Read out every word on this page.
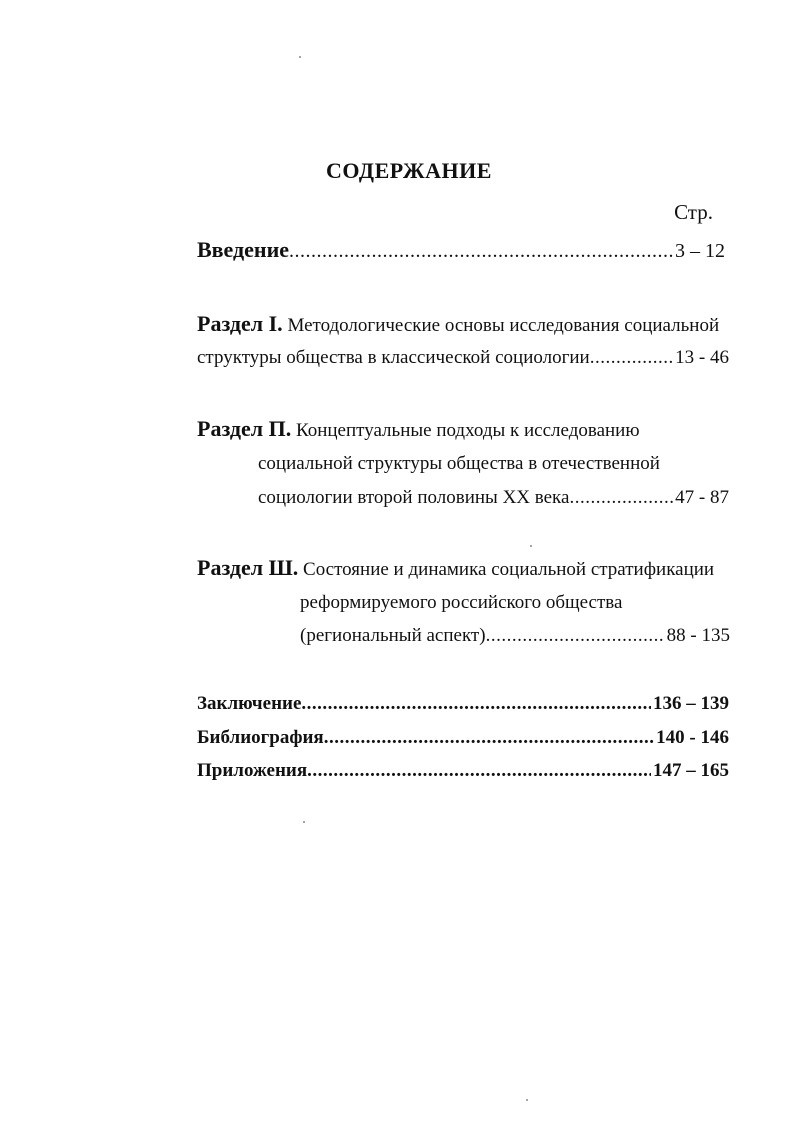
СОДЕРЖАНИЕ
Стр.
Введение .....	3 – 12
Раздел I. Методологические основы исследования социальной
структуры общества в классической социологии .....	13 - 46
Раздел П. Концептуальные подходы к исследованию
социальной структуры общества в отечественной
социологии второй половины XX века .....	47 - 87
Раздел Ш. Состояние и динамика социальной стратификации
реформируемого российского общества
(региональный аспект) .....	88 - 135
Заключение .....	136 – 139
Библиография .....	140 - 146
Приложения .....	147 – 165
